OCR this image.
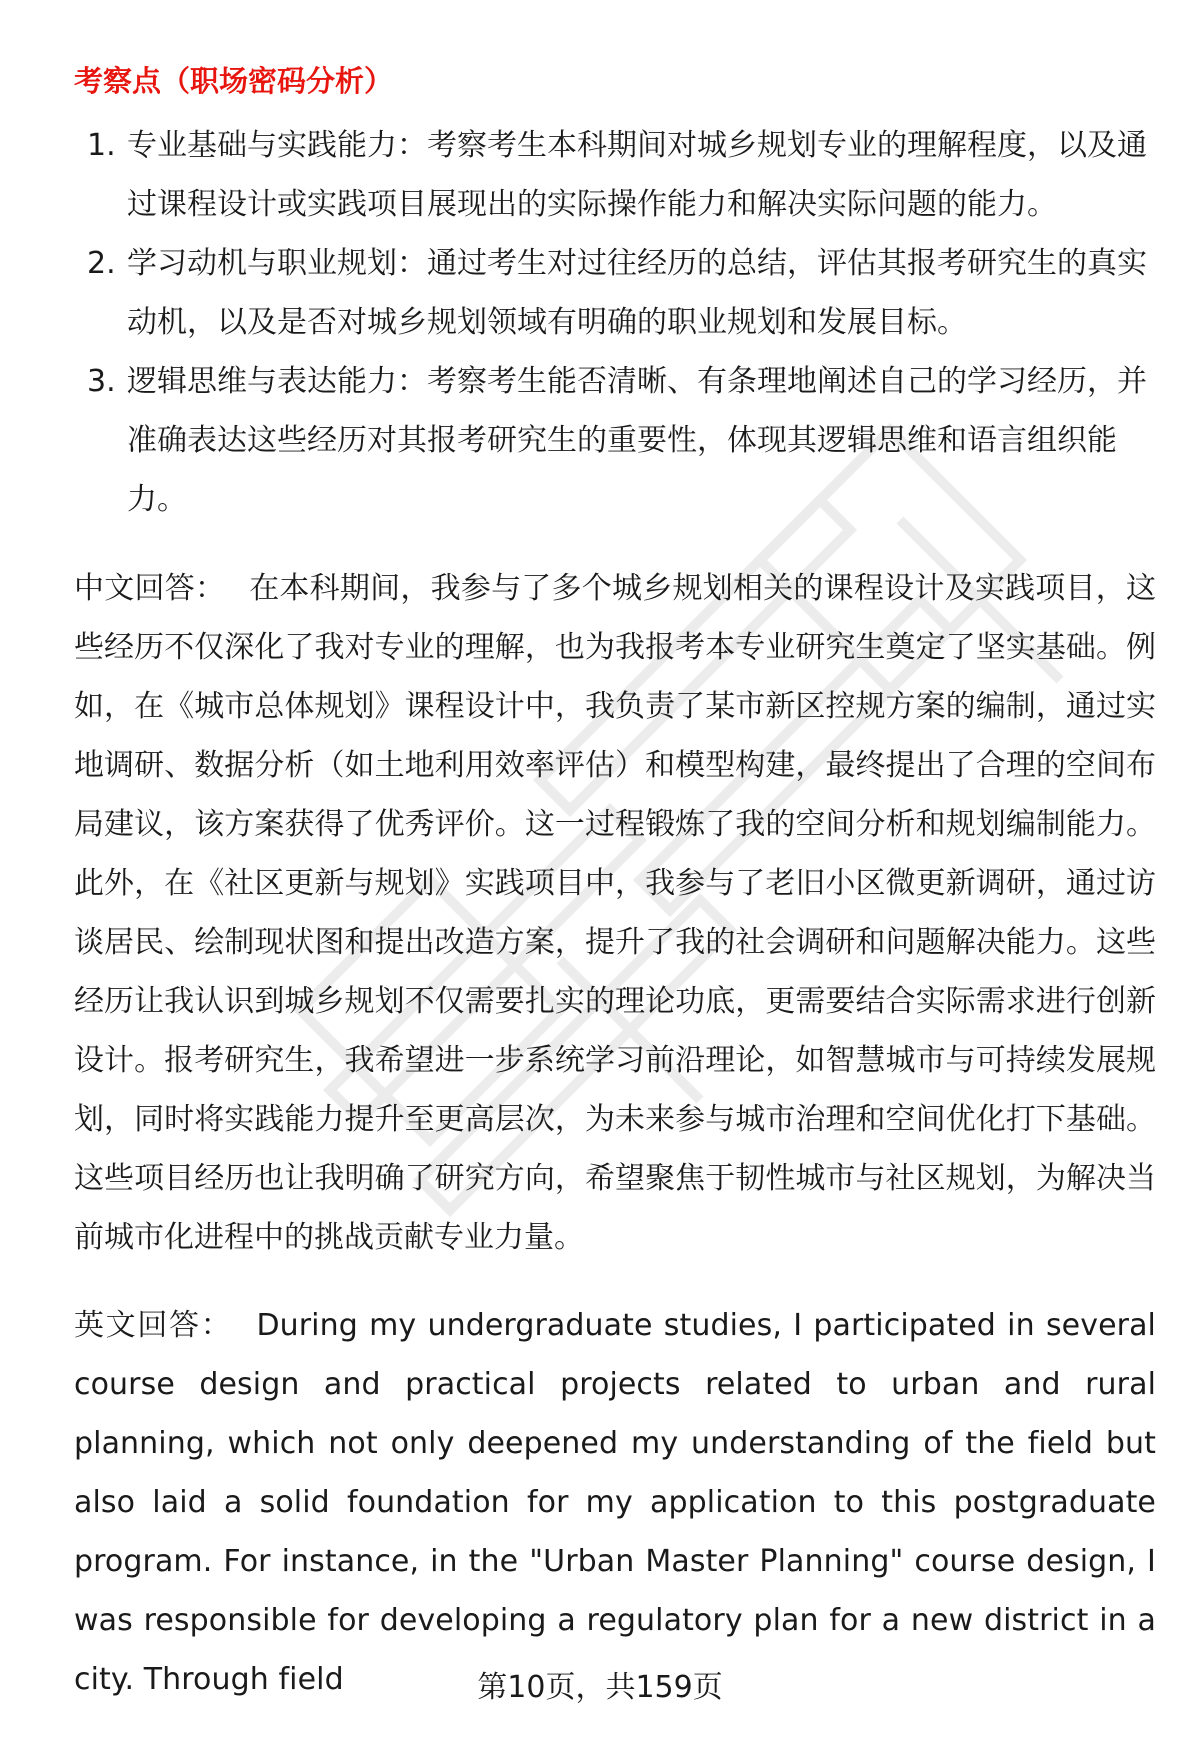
考察点（职场密码分析）
1. 专业基础与实践能力：考察考生本科期间对城乡规划专业的理解程度，以及通过课程设计或实践项目展现出的实际操作能力和解决实际问题的能力。
2. 学习动机与职业规划：通过考生对过往经历的总结，评估其报考研究生的真实动机，以及是否对城乡规划领域有明确的职业规划和发展目标。
3. 逻辑思维与表达能力：考察考生能否清晰、有条理地阐述自己的学习经历，并准确表达这些经历对其报考研究生的重要性，体现其逻辑思维和语言组织能力。

中文回答： 在本科期间，我参与了多个城乡规划相关的课程设计及实践项目，这些经历不仅深化了我对专业的理解，也为我报考本专业研究生奠定了坚实基础。例如，在《城市总体规划》课程设计中，我负责了某市新区控规方案的编制，通过实地调研、数据分析（如土地利用效率评估）和模型构建，最终提出了合理的空间布局建议，该方案获得了优秀评价。这一过程锻炼了我的空间分析和规划编制能力。此外，在《社区更新与规划》实践项目中，我参与了老旧小区微更新调研，通过访谈居民、绘制现状图和提出改造方案，提升了我的社会调研和问题解决能力。这些经历让我认识到城乡规划不仅需要扎实的理论功底，更需要结合实际需求进行创新设计。报考研究生，我希望进一步系统学习前沿理论，如智慧城市与可持续发展规划，同时将实践能力提升至更高层次，为未来参与城市治理和空间优化打下基础。这些项目经历也让我明确了研究方向，希望聚焦于韧性城市与社区规划，为解决当前城市化进程中的挑战贡献专业力量。

英文回答： During my undergraduate studies, I participated in several course design and practical projects related to urban and rural planning, which not only deepened my understanding of the field but also laid a solid foundation for my application to this postgraduate program. For instance, in the "Urban Master Planning" course design, I was responsible for developing a regulatory plan for a new district in a city. Through field	第10页，共159页
